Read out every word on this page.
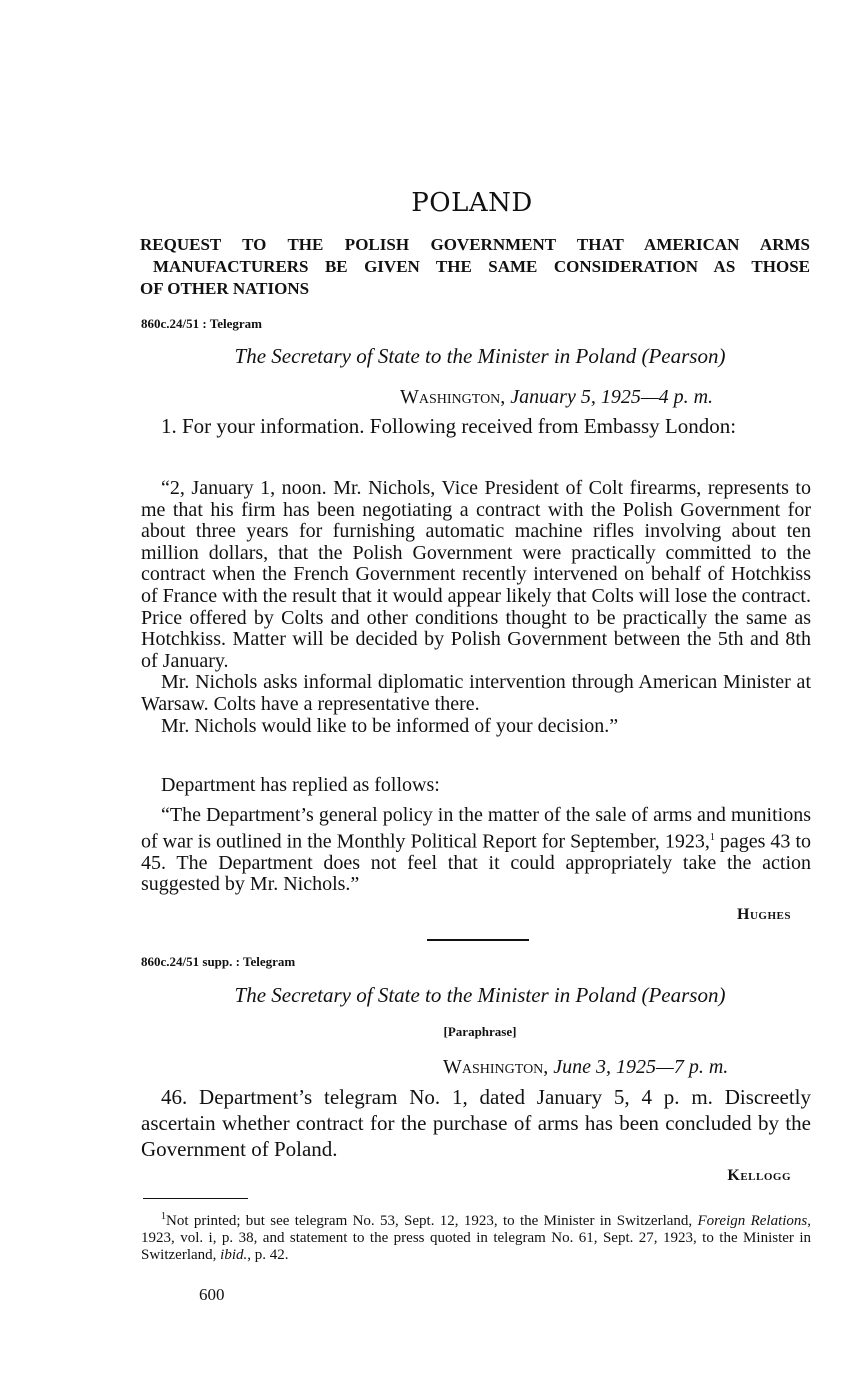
POLAND
REQUEST TO THE POLISH GOVERNMENT THAT AMERICAN ARMS
MANUFACTURERS BE GIVEN THE SAME CONSIDERATION AS THOSE
OF OTHER NATIONS
860c.24/51 : Telegram
The Secretary of State to the Minister in Poland (Pearson)
Washington, January 5, 1925—4 p. m.

1. For your information. Following received from Embassy London:

“2, January 1, noon. Mr. Nichols, Vice President of Colt firearms, represents to me that his firm has been negotiating a contract with the Polish Government for about three years for furnishing automatic machine rifles involving about ten million dollars, that the Polish Government were practically committed to the contract when the French Government recently intervened on behalf of Hotchkiss of France with the result that it would appear likely that Colts will lose the contract. Price offered by Colts and other conditions thought to be practically the same as Hotchkiss. Matter will be decided by Polish Government between the 5th and 8th of January.

Mr. Nichols asks informal diplomatic intervention through American Minister at Warsaw. Colts have a representative there.

Mr. Nichols would like to be informed of your decision.”

Department has replied as follows:

“The Department’s general policy in the matter of the sale of arms and munitions of war is outlined in the Monthly Political Report for September, 1923,$^1$ pages 43 to 45. The Department does not feel that it could appropriately take the action suggested by Mr. Nichols.”

Hughes
860c.24/51 supp. : Telegram
The Secretary of State to the Minister in Poland (Pearson)
[Paraphrase]
Washington, June 3, 1925—7 p. m.

46. Department’s telegram No. 1, dated January 5, 4 p. m. Discreetly ascertain whether contract for the purchase of arms has been concluded by the Government of Poland.

Kellogg

$^1$Not printed; but see telegram No. 53, Sept. 12, 1923, to the Minister in Switzerland, Foreign Relations, 1923, vol. i, p. 38, and statement to the press quoted in telegram No. 61, Sept. 27, 1923, to the Minister in Switzerland, ibid., p. 42.

600
